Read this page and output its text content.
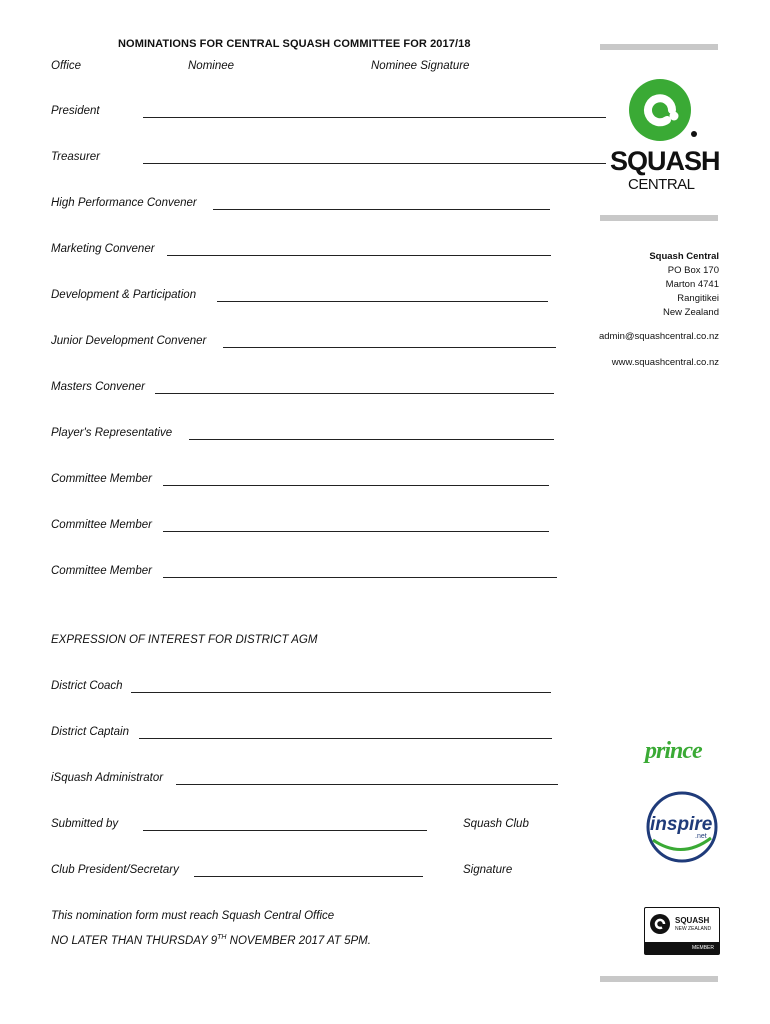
NOMINATIONS FOR CENTRAL SQUASH COMMITTEE FOR 2017/18
Office	Nominee	Nominee Signature
President
Treasurer
High Performance Convener
Marketing Convener
Development & Participation
Junior Development Convener
Masters Convener
Player's Representative
Committee Member
Committee Member
Committee Member
EXPRESSION OF INTEREST FOR DISTRICT AGM
District Coach
District Captain
iSquash Administrator
Submitted by	Squash Club
Club President/Secretary	Signature
This nomination form must reach Squash Central Office
NO LATER THAN THURSDAY 9TH NOVEMBER 2017 AT 5PM.
SQUASH
CENTRAL
Squash Central
PO Box 170
Marton 4741
Rangitikei
New Zealand
admin@squashcentral.co.nz
www.squashcentral.co.nz
prince
inspire
.net
SQUASH
NEW ZEALAND
MEMBER
